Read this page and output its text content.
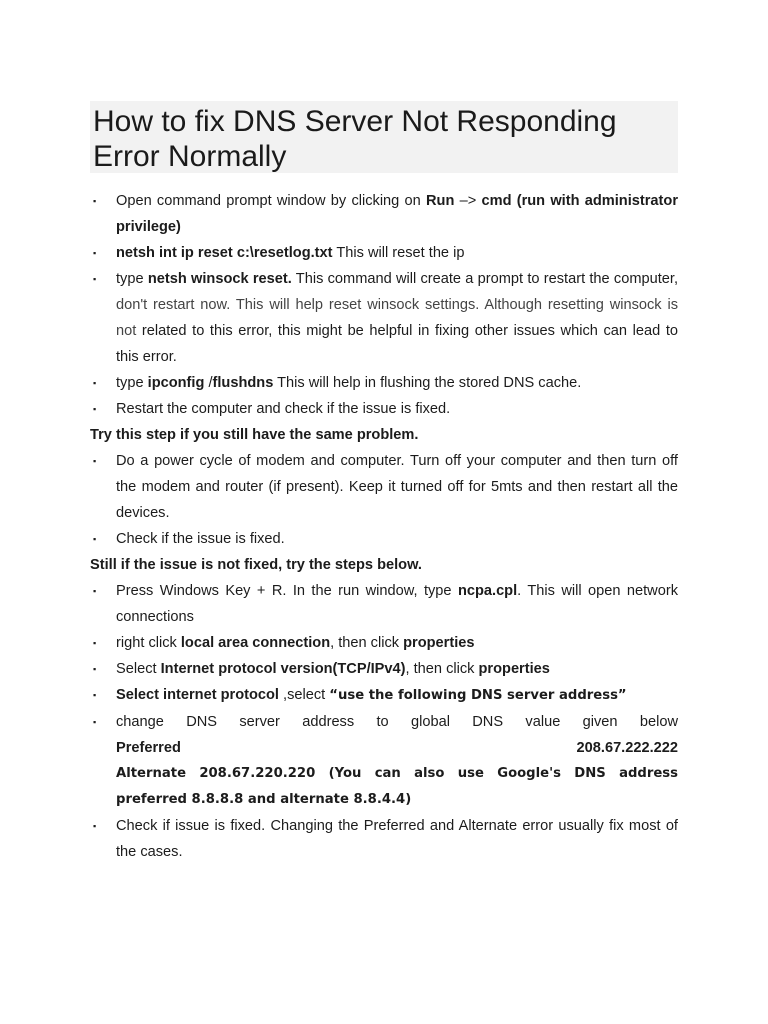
How to fix DNS Server Not Responding Error Normally
▪ Open command prompt window by clicking on Run –> cmd (run with administrator privilege)
▪ netsh int ip reset c:\resetlog.txt This will reset the ip
▪ type netsh winsock reset. This command will create a prompt to restart the computer, don't restart now. This will help reset winsock settings. Although resetting winsock is not related to this error, this might be helpful in fixing other issues which can lead to this error.
▪ type ipconfig /flushdns This will help in flushing the stored DNS cache.
▪ Restart the computer and check if the issue is fixed.
Try this step if you still have the same problem.
▪ Do a power cycle of modem and computer. Turn off your computer and then turn off the modem and router (if present). Keep it turned off for 5mts and then restart all the devices.
▪ Check if the issue is fixed.
Still if the issue is not fixed, try the steps below.
▪ Press Windows Key + R. In the run window, type ncpa.cpl. This will open network connections
▪ right click local area connection, then click properties
▪ Select Internet protocol version(TCP/IPv4), then click properties
▪ Select internet protocol ,select “use the following DNS server address”
▪ change DNS server address to global DNS value given below
Preferred	208.67.222.222
Alternate 208.67.220.220 (You can also use Google's DNS address preferred 8.8.8.8 and alternate 8.8.4.4)
▪ Check if issue is fixed. Changing the Preferred and Alternate error usually fix most of the cases.
